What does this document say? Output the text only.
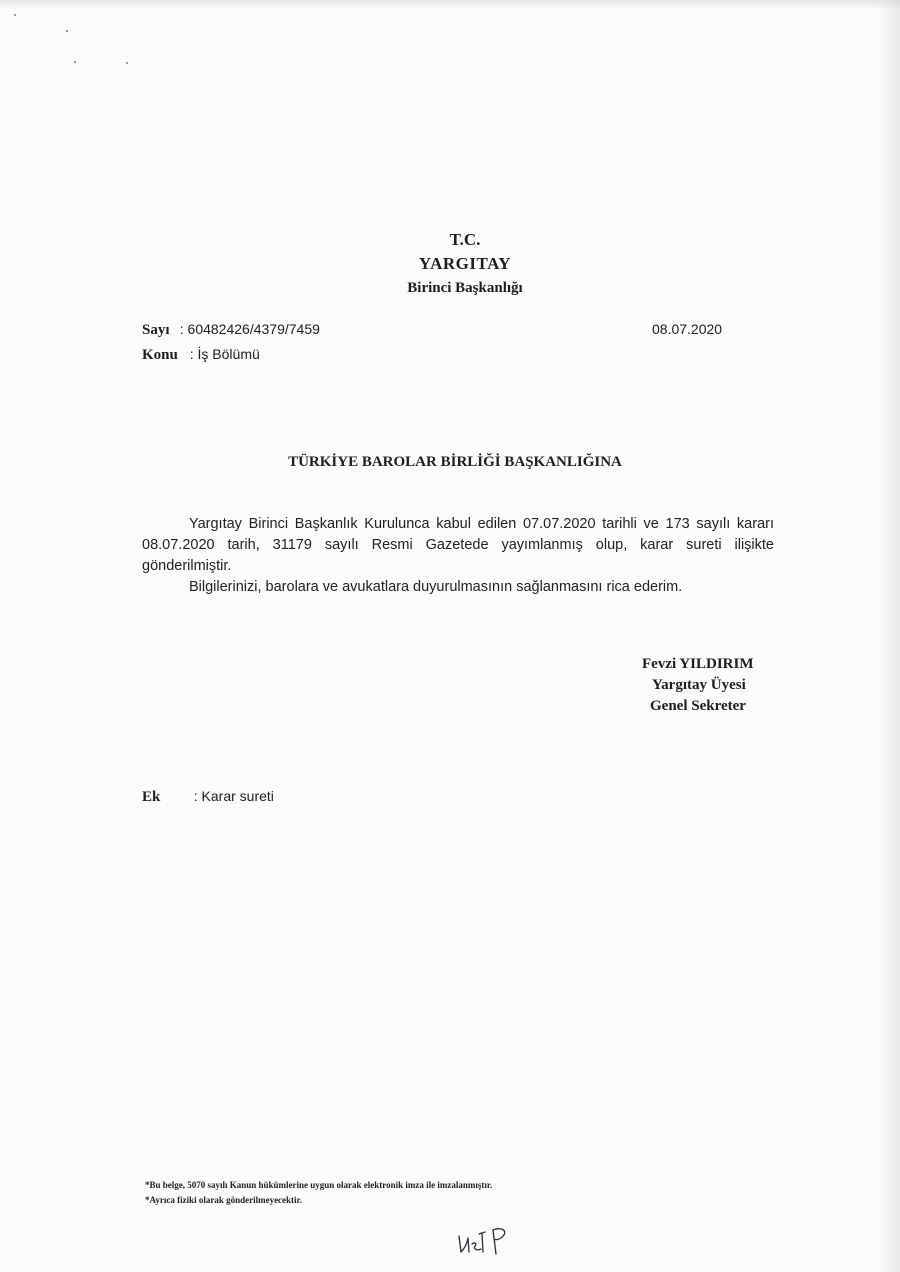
T.C.
YARGITAY
Birinci Başkanlığı
Sayı : 60482426/4379/7459
Konu : İş Bölümü
08.07.2020
TÜRKİYE BAROLAR BİRLİĞİ BAŞKANLIĞINA

Yargıtay Birinci Başkanlık Kurulunca kabul edilen 07.07.2020 tarihli ve 173 sayılı kararı 08.07.2020 tarih, 31179 sayılı Resmi Gazetede yayımlanmış olup, karar sureti ilişikte gönderilmiştir.

Bilgilerinizi, barolara ve avukatlara duyurulmasının sağlanmasını rica ederim.

Fevzi YILDIRIM
Yargıtay Üyesi
Genel Sekreter
Ek : Karar sureti
*Bu belge, 5070 sayılı Kanun hükümlerine uygun olarak elektronik imza ile imzalanmıştır.
*Ayrıca fiziki olarak gönderilmeyecektir.
